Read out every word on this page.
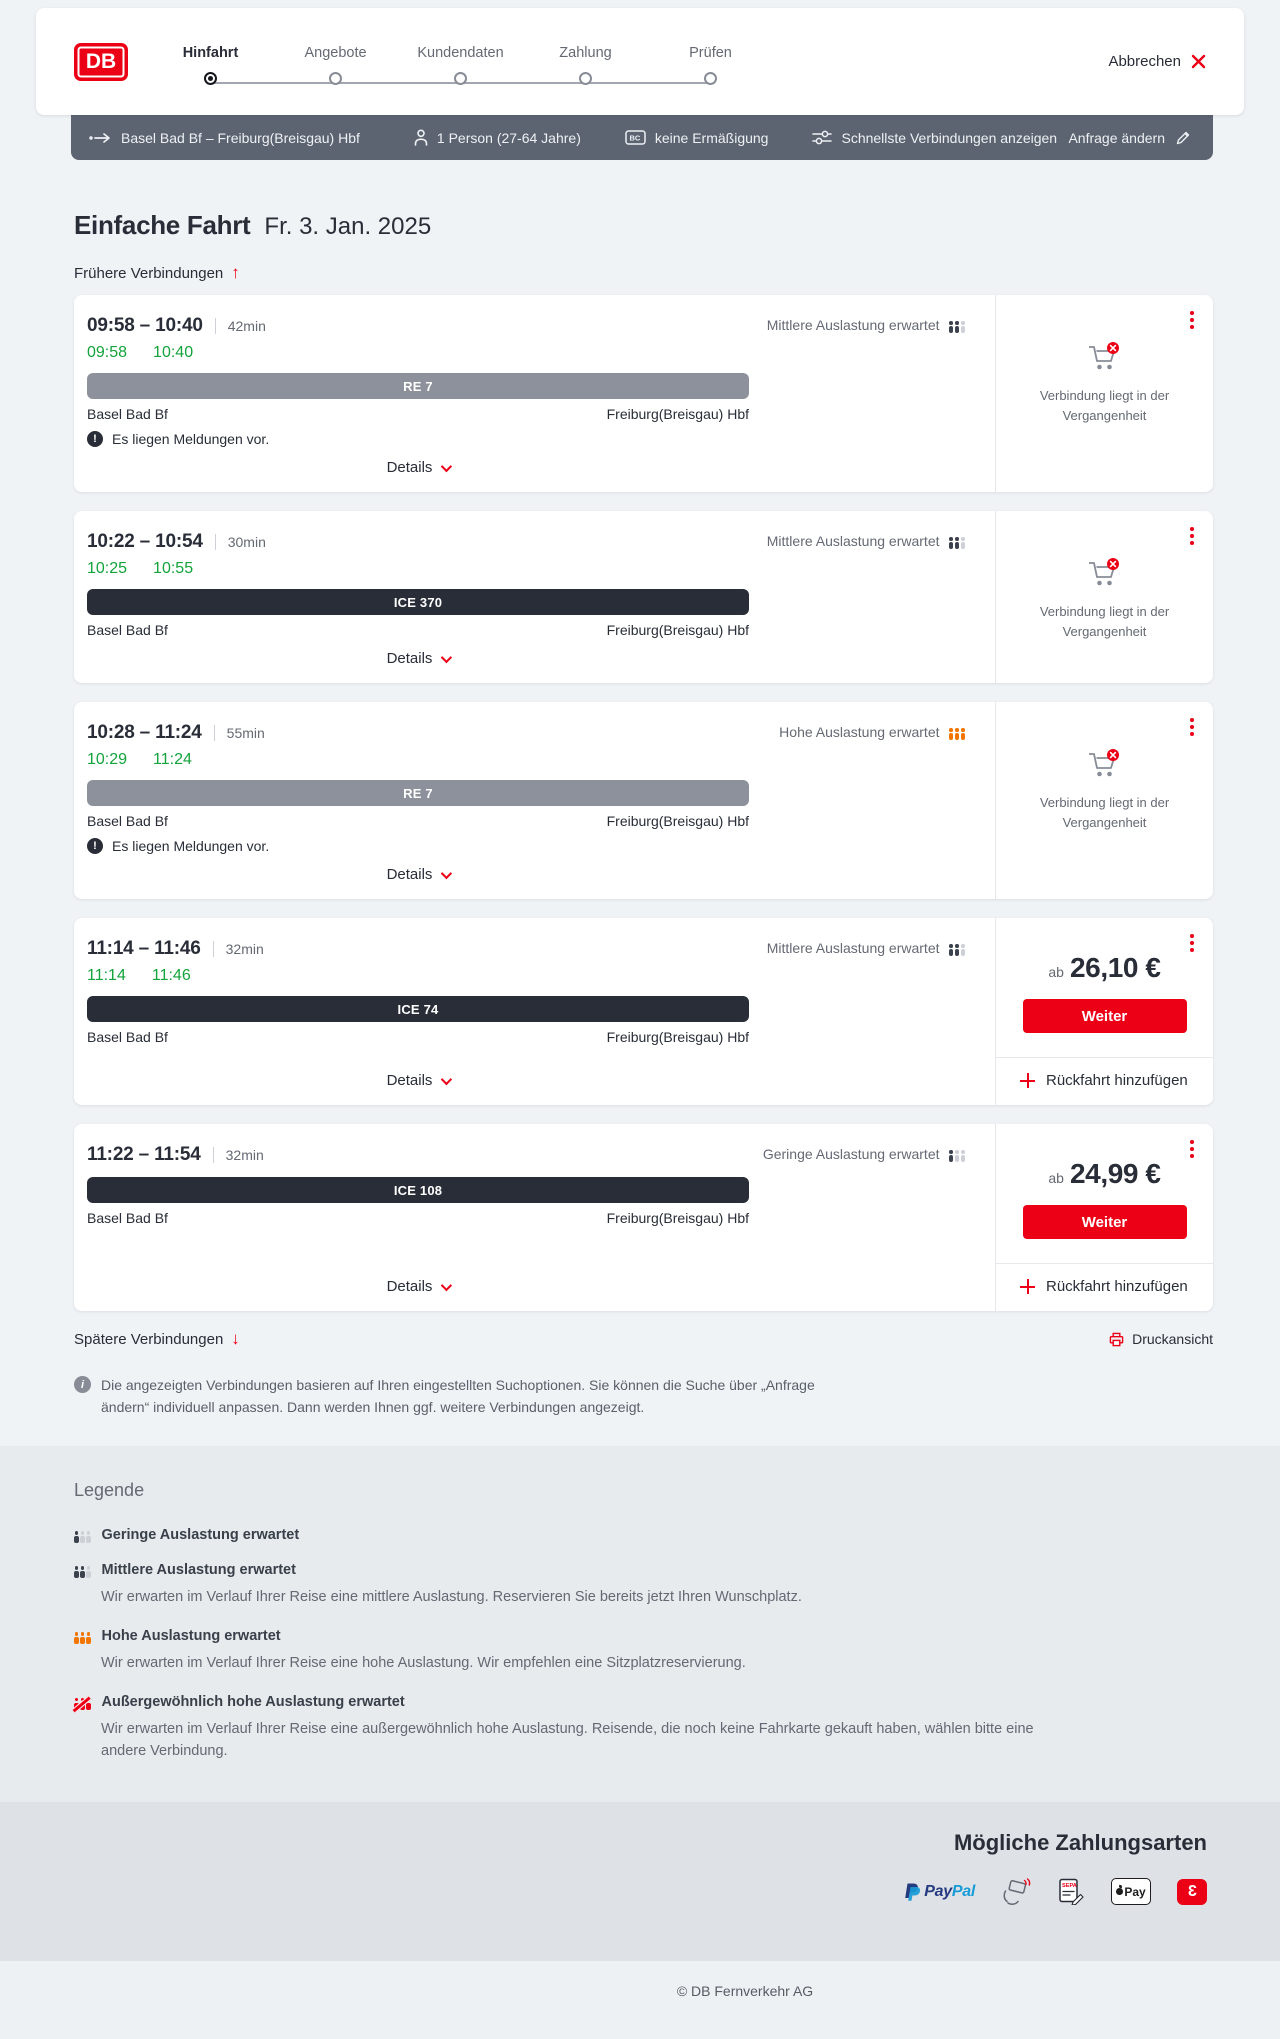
DB	Hinfahrt	Angebote	Kundendaten	Zahlung	Prüfen
Abbrechen
Basel Bad Bf – Freiburg(Breisgau) Hbf	1 Person (27-64 Jahre)	BC keine Ermäßigung	Schnellste Verbindungen anzeigen Anfrage ändern
Einfache Fahrt Fr. 3. Jan. 2025
Frühere Verbindungen ↑
09:58 – 10:40 42min	Mittlere Auslastung erwartet
09:58 10:40
RE 7
Basel Bad Bf	Freiburg(Breisgau) Hbf
!	Es liegen Meldungen vor.
Details

Verbindung liegt in der Vergangenheit

10:22 – 10:54 30min	Mittlere Auslastung erwartet
10:25 10:55
ICE 370
Basel Bad Bf	Freiburg(Breisgau) Hbf
Details

Verbindung liegt in der Vergangenheit

10:28 – 11:24 55min	Hohe Auslastung erwartet
10:29 11:24
RE 7
Basel Bad Bf	Freiburg(Breisgau) Hbf
!	Es liegen Meldungen vor.
Details

Verbindung liegt in der Vergangenheit

11:14 – 11:46 32min	Mittlere Auslastung erwartet
11:14 11:46
ICE 74
Basel Bad Bf	Freiburg(Breisgau) Hbf
Details
ab 26,10 €
Weiter
Rückfahrt hinzufügen
11:22 – 11:54 32min	Geringe Auslastung erwartet
ICE 108
Basel Bad Bf	Freiburg(Breisgau) Hbf
Details
ab 24,99 €
Weiter
Rückfahrt hinzufügen
Spätere Verbindungen ↓	Druckansicht
i	Die angezeigten Verbindungen basieren auf Ihren eingestellten Suchoptionen. Sie können die Suche über „Anfrage ändern“ individuell anpassen. Dann werden Ihnen ggf. weitere Verbindungen angezeigt.

Legende
Geringe Auslastung erwartet
Mittlere Auslastung erwartet

Wir erwarten im Verlauf Ihrer Reise eine mittlere Auslastung. Reservieren Sie bereits jetzt Ihren Wunschplatz.

Hohe Auslastung erwartet

Wir erwarten im Verlauf Ihrer Reise eine hohe Auslastung. Wir empfehlen eine Sitzplatzreservierung.

Außergewöhnlich hohe Auslastung erwartet

Wir erwarten im Verlauf Ihrer Reise eine außergewöhnlich hohe Auslastung. Reisende, die noch keine Fahrkarte gekauft haben, wählen bitte eine andere Verbindung.

Mögliche Zahlungsarten
PayPal	SEPA	Pay	3
© DB Fernverkehr AG
